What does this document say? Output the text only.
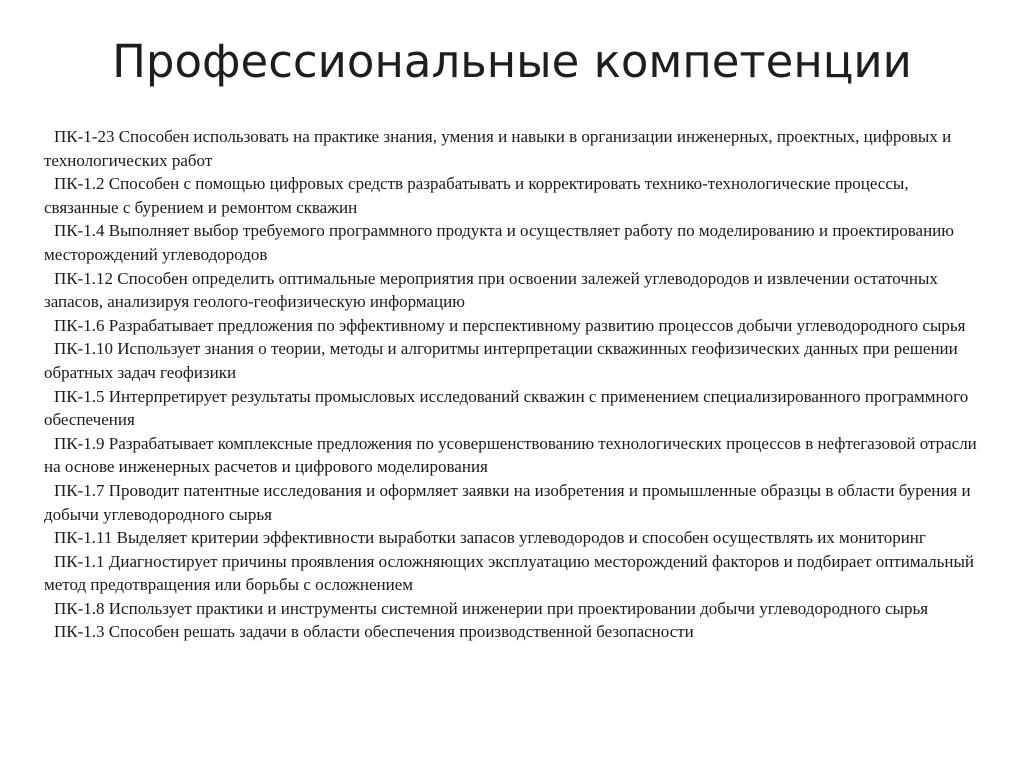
Профессиональные компетенции

ПК-1-23 Способен использовать на практике знания, умения и навыки в организации инженерных, проектных, цифровых и технологических работ

ПК-1.2 Способен с помощью цифровых средств разрабатывать и корректировать технико-технологические процессы, связанные с бурением и ремонтом скважин

ПК-1.4 Выполняет выбор требуемого программного продукта и осуществляет работу по моделированию и проектированию месторождений углеводородов

ПК-1.12 Способен определить оптимальные мероприятия при освоении залежей углеводородов и извлечении остаточных запасов, анализируя геолого-геофизическую информацию

ПК-1.6 Разрабатывает предложения по эффективному и перспективному развитию процессов добычи углеводородного сырья

ПК-1.10 Использует знания о теории, методы и алгоритмы интерпретации скважинных геофизических данных при решении обратных задач геофизики

ПК-1.5 Интерпретирует результаты промысловых исследований скважин с применением специализированного программного обеспечения

ПК-1.9 Разрабатывает комплексные предложения по усовершенствованию технологических процессов в нефтегазовой отрасли на основе инженерных расчетов и цифрового моделирования

ПК-1.7 Проводит патентные исследования и оформляет заявки на изобретения и промышленные образцы в области бурения и добычи углеводородного сырья

ПК-1.11 Выделяет критерии эффективности выработки запасов углеводородов и способен осуществлять их мониторинг

ПК-1.1 Диагностирует причины проявления осложняющих эксплуатацию месторождений факторов и подбирает оптимальный метод предотвращения или борьбы с осложнением

ПК-1.8 Использует практики и инструменты системной инженерии при проектировании добычи углеводородного сырья

ПК-1.3 Способен решать задачи в области обеспечения производственной безопасности
